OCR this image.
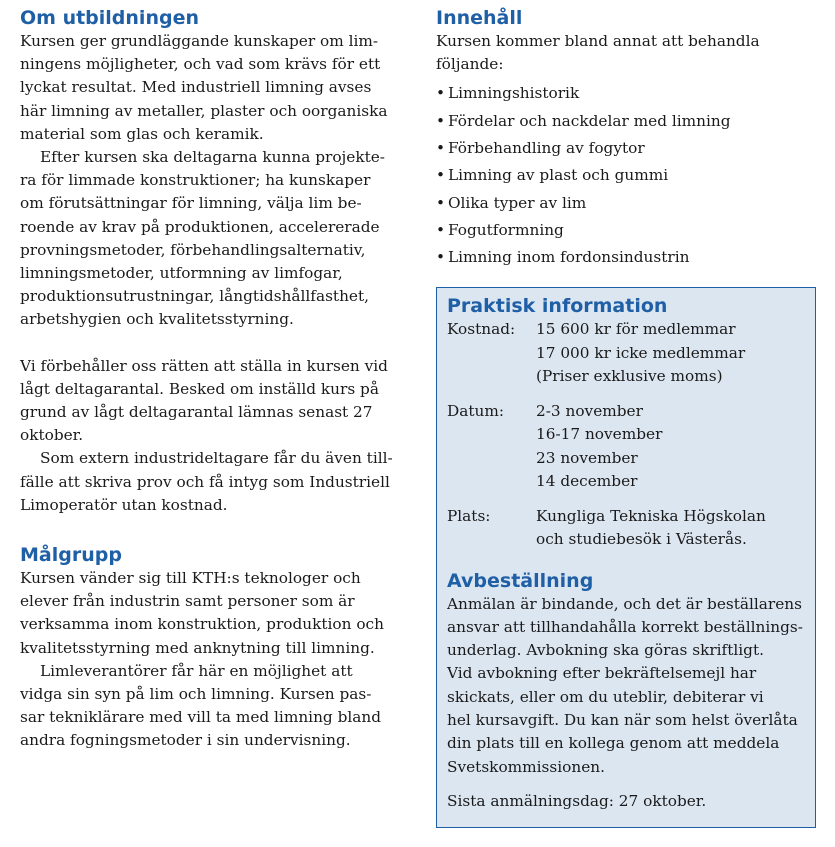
Om utbildningen
Kursen ger grundläggande kunskaper om lim-
ningens möjligheter, och vad som krävs för ett
lyckat resultat. Med industriell limning avses
här limning av metaller, plaster och oorganiska
material som glas och keramik.
Efter kursen ska deltagarna kunna projekte-
ra för limmade konstruktioner; ha kunskaper
om förutsättningar för limning, välja lim be-
roende av krav på produktionen, accelererade
provningsmetoder, förbehandlingsalternativ,
limningsmetoder, utformning av limfogar,
produktionsutrustningar, långtidshållfasthet,
arbetshygien och kvalitetsstyrning.
Vi förbehåller oss rätten att ställa in kursen vid
lågt deltagarantal. Besked om inställd kurs på
grund av lågt deltagarantal lämnas senast 27
oktober.
Som extern industrideltagare får du även till-
fälle att skriva prov och få intyg som Industriell
Limoperatör utan kostnad.
Målgrupp
Kursen vänder sig till KTH:s teknologer och
elever från industrin samt personer som är
verksamma inom konstruktion, produktion och
kvalitetsstyrning med anknytning till limning.
Limleverantörer får här en möjlighet att
vidga sin syn på lim och limning. Kursen pas-
sar tekniklärare med vill ta med limning bland
andra fogningsmetoder i sin undervisning.
Innehåll
Kursen kommer bland annat att behandla
följande:
• Limningshistorik
• Fördelar och nackdelar med limning
• Förbehandling av fogytor
• Limning av plast och gummi
• Olika typer av lim
• Fogutformning
• Limning inom fordonsindustrin
Praktisk information
Kostnad:	15 600 kr för medlemmar
17 000 kr icke medlemmar
(Priser exklusive moms)
Datum:	2-3 november
16-17 november
23 november
14 december
Plats:	Kungliga Tekniska Högskolan
och studiebesök i Västerås.
Avbeställning
Anmälan är bindande, och det är beställarens
ansvar att tillhandahålla korrekt beställnings-
underlag. Avbokning ska göras skriftligt.
Vid avbokning efter bekräftelsemejl har
skickats, eller om du uteblir, debiterar vi
hel kursavgift. Du kan när som helst överlåta
din plats till en kollega genom att meddela
Svetskommissionen.
Sista anmälningsdag: 27 oktober.
